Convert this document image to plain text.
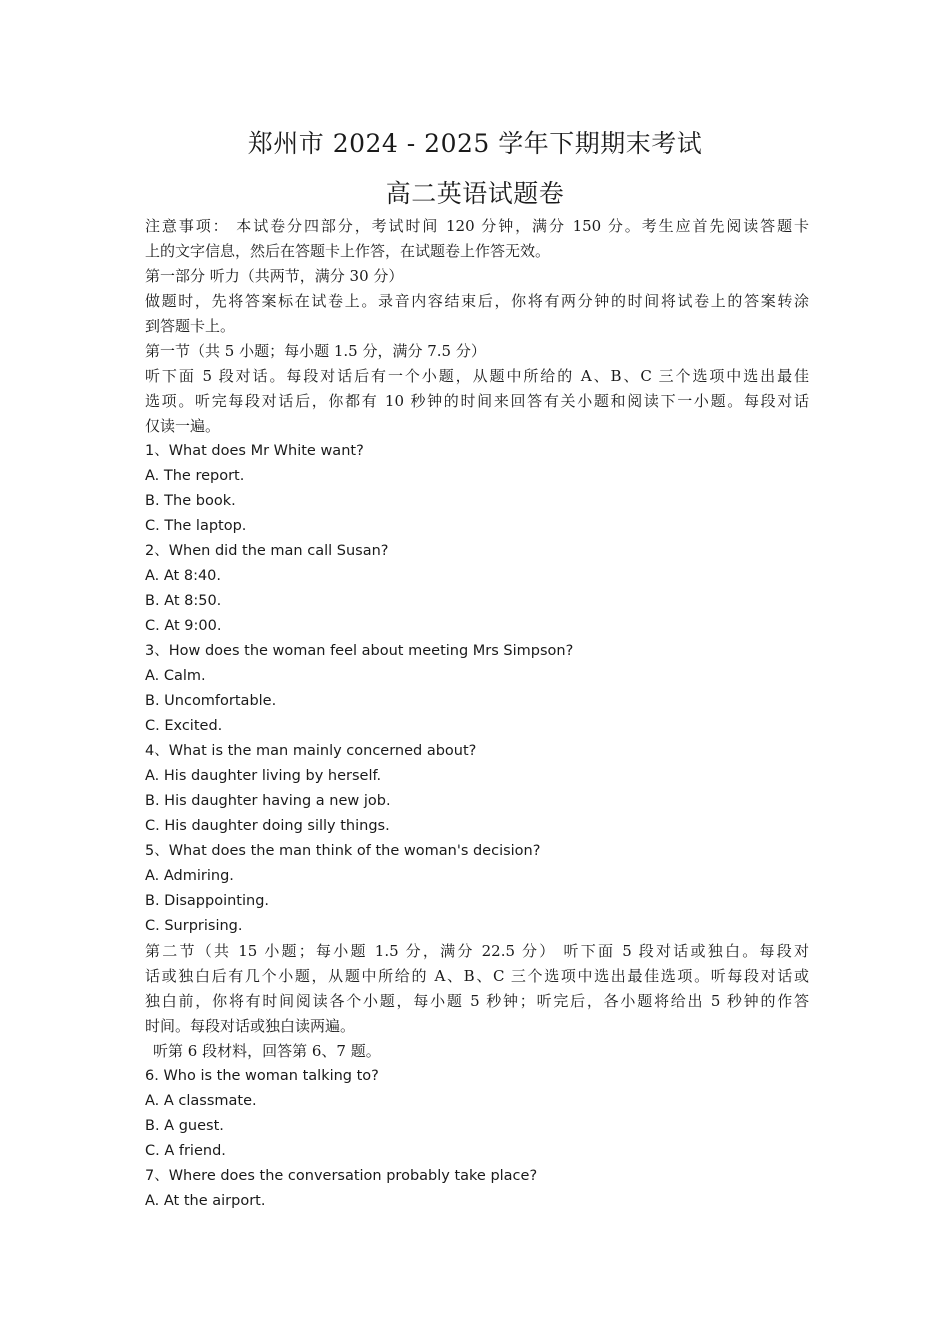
郑州市 2024 - 2025 学年下期期末考试
高二英语试题卷
注意事项： 本试卷分四部分，考试时间 120 分钟，满分 150 分。考生应首先阅读答题卡
上的文字信息，然后在答题卡上作答，在试题卷上作答无效。
第一部分 听力（共两节，满分 30 分）
做题时，先将答案标在试卷上。录音内容结束后，你将有两分钟的时间将试卷上的答案转涂
到答题卡上。
第一节（共 5 小题；每小题 1.5 分，满分 7.5 分）
听下面 5 段对话。每段对话后有一个小题，从题中所给的 A、B、C 三个选项中选出最佳
选项。听完每段对话后，你都有 10 秒钟的时间来回答有关小题和阅读下一小题。每段对话
仅读一遍。
1、What does Mr White want?
A. The report.
B. The book.
C. The laptop.
2、When did the man call Susan?
A. At 8:40.
B. At 8:50.
C. At 9:00.
3、How does the woman feel about meeting Mrs Simpson?
A. Calm.
B. Uncomfortable.
C. Excited.
4、What is the man mainly concerned about?
A. His daughter living by herself.
B. His daughter having a new job.
C. His daughter doing silly things.
5、What does the man think of the woman's decision?
A. Admiring.
B. Disappointing.
C. Surprising.
第二节（共 15 小题；每小题 1.5 分，满分 22.5 分） 听下面 5 段对话或独白。每段对
话或独白后有几个小题，从题中所给的 A、B、C 三个选项中选出最佳选项。听每段对话或
独白前，你将有时间阅读各个小题，每小题 5 秒钟；听完后，各小题将给出 5 秒钟的作答
时间。每段对话或独白读两遍。
听第 6 段材料，回答第 6、7 题。
6. Who is the woman talking to?
A. A classmate.
B. A guest.
C. A friend.
7、Where does the conversation probably take place?
A. At the airport.
